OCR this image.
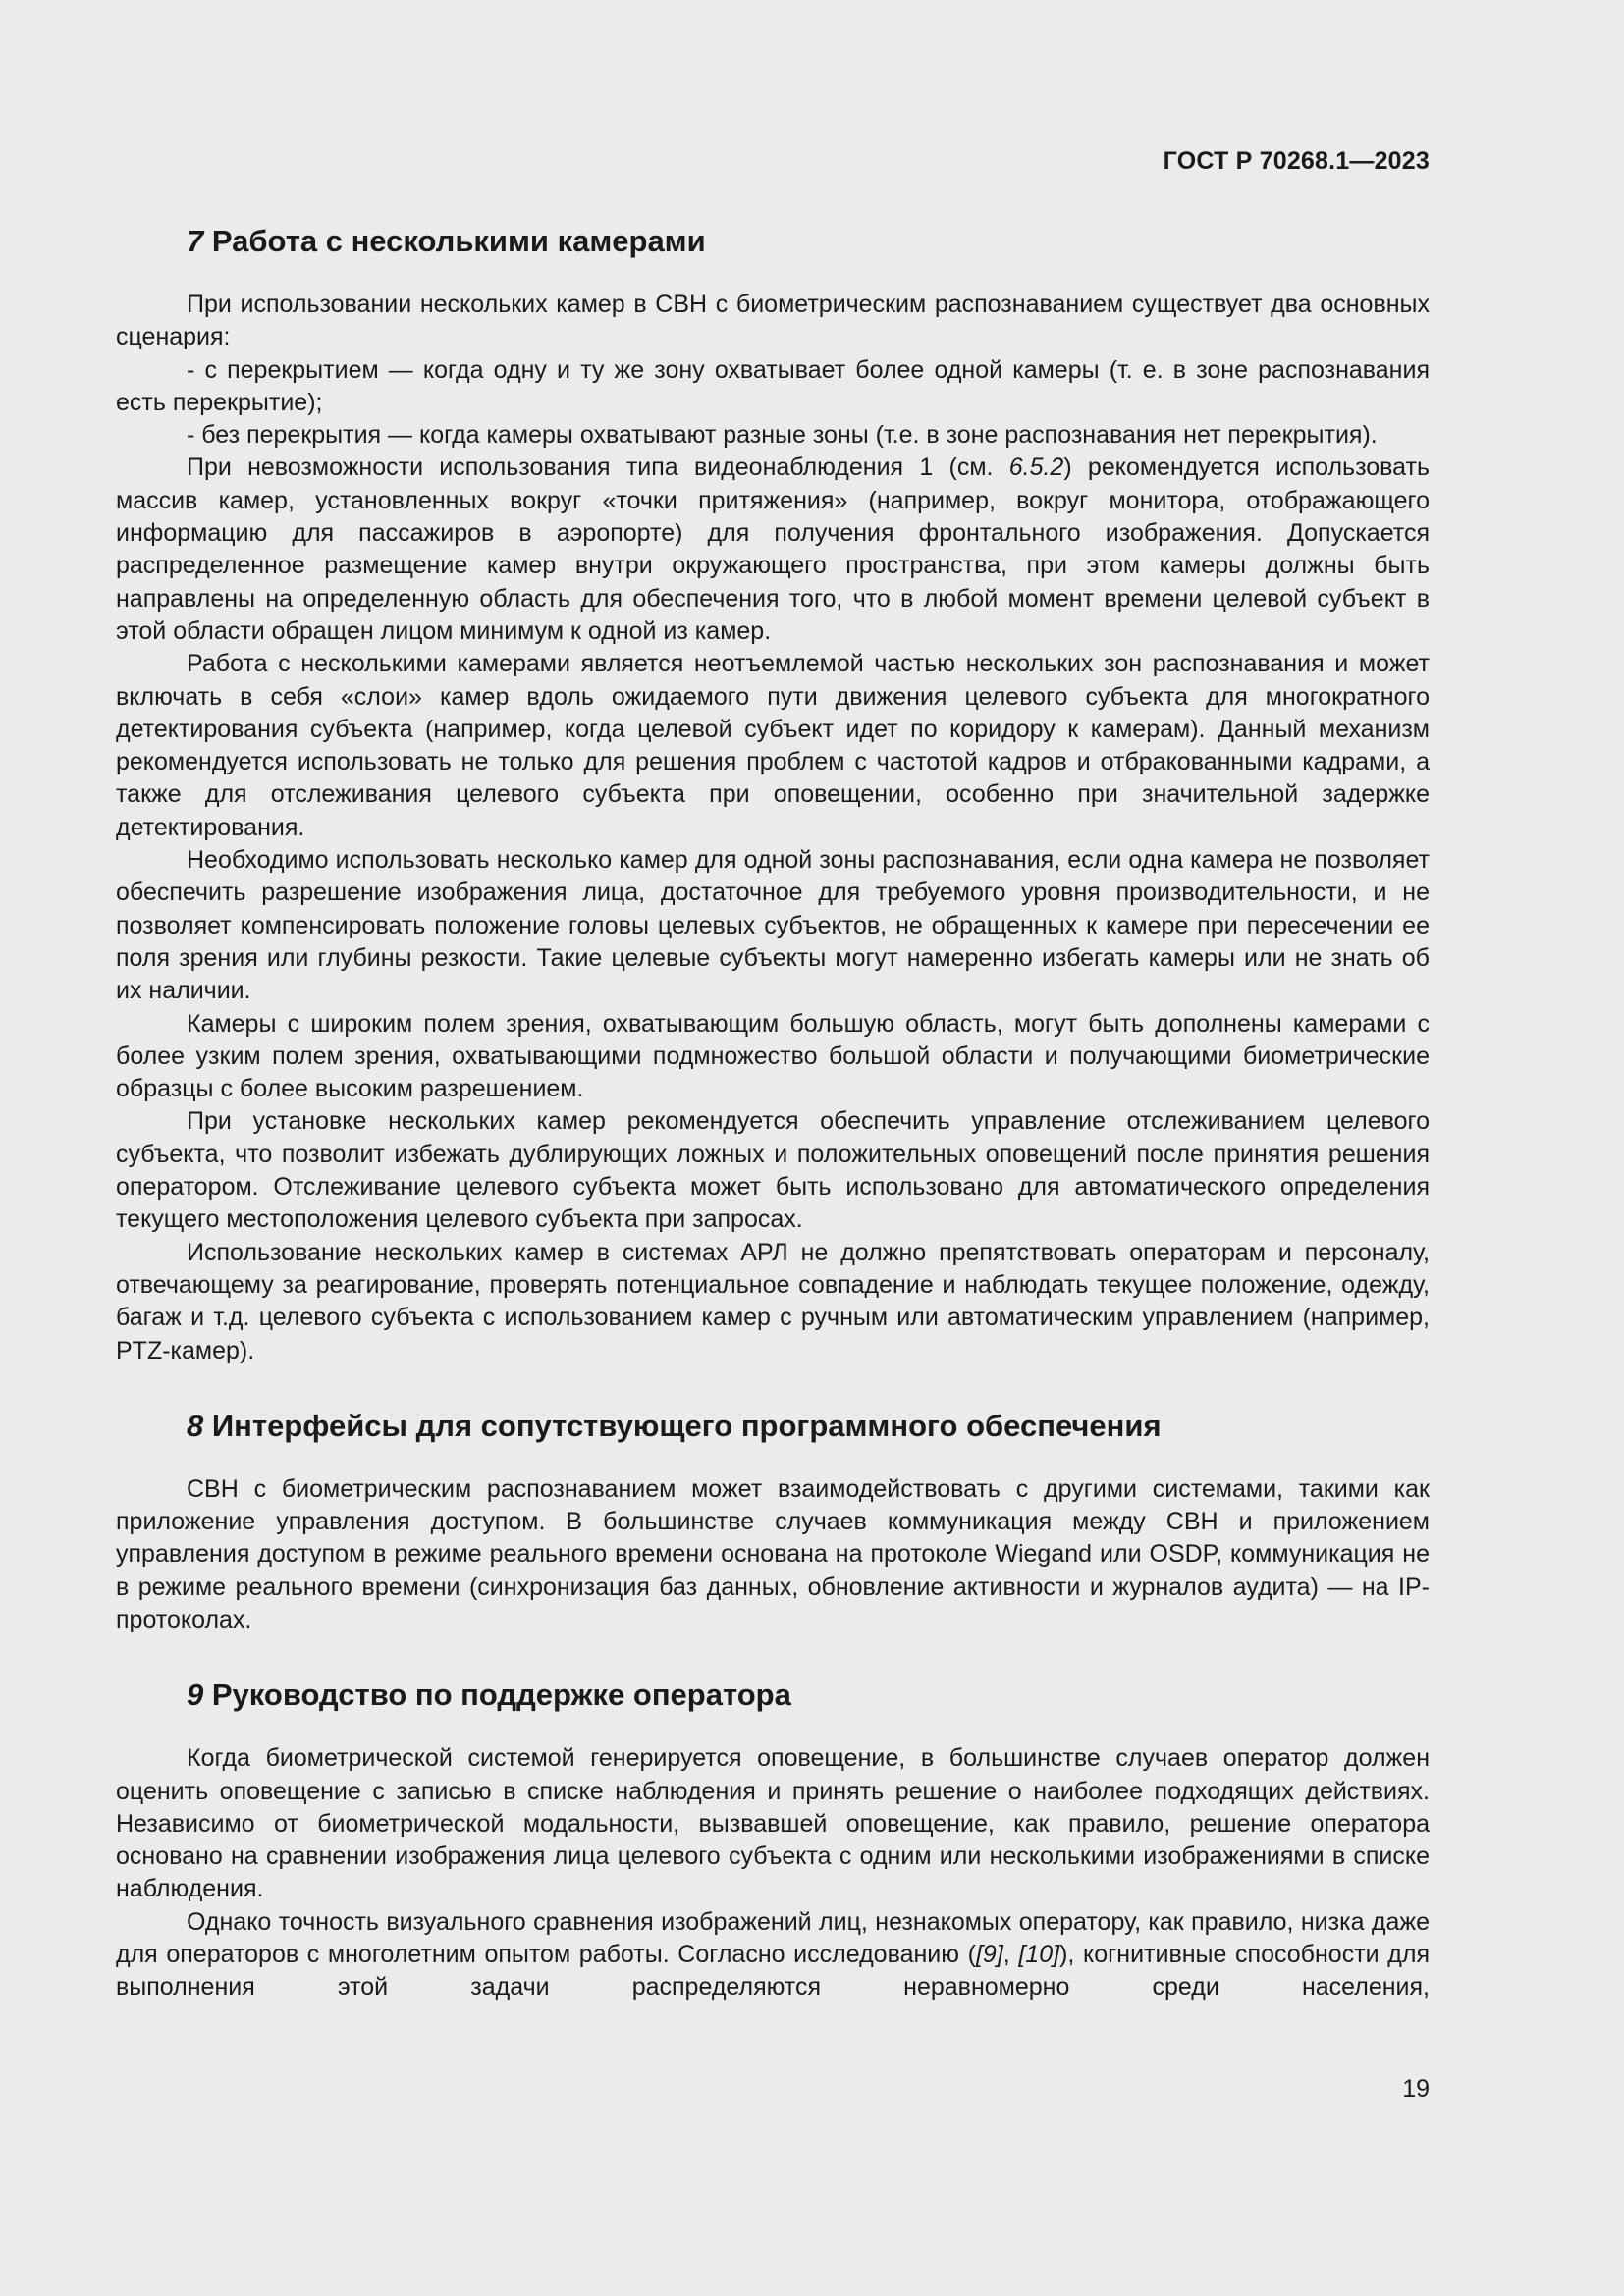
ГОСТ Р 70268.1—2023
7 Работа с несколькими камерами

При использовании нескольких камер в СВН с биометрическим распознаванием существует два основных сценария:

- с перекрытием — когда одну и ту же зону охватывает более одной камеры (т. е. в зоне распознавания есть перекрытие);

- без перекрытия — когда камеры охватывают разные зоны (т.е. в зоне распознавания нет перекрытия).

При невозможности использования типа видеонаблюдения 1 (см. 6.5.2) рекомендуется использовать массив камер, установленных вокруг «точки притяжения» (например, вокруг монитора, отображающего информацию для пассажиров в аэропорте) для получения фронтального изображения. Допускается распределенное размещение камер внутри окружающего пространства, при этом камеры должны быть направлены на определенную область для обеспечения того, что в любой момент времени целевой субъект в этой области обращен лицом минимум к одной из камер.

Работа с несколькими камерами является неотъемлемой частью нескольких зон распознавания и может включать в себя «слои» камер вдоль ожидаемого пути движения целевого субъекта для многократного детектирования субъекта (например, когда целевой субъект идет по коридору к камерам). Данный механизм рекомендуется использовать не только для решения проблем с частотой кадров и отбракованными кадрами, а также для отслеживания целевого субъекта при оповещении, особенно при значительной задержке детектирования.

Необходимо использовать несколько камер для одной зоны распознавания, если одна камера не позволяет обеспечить разрешение изображения лица, достаточное для требуемого уровня производительности, и не позволяет компенсировать положение головы целевых субъектов, не обращенных к камере при пересечении ее поля зрения или глубины резкости. Такие целевые субъекты могут намеренно избегать камеры или не знать об их наличии.

Камеры с широким полем зрения, охватывающим большую область, могут быть дополнены камерами с более узким полем зрения, охватывающими подмножество большой области и получающими биометрические образцы с более высоким разрешением.

При установке нескольких камер рекомендуется обеспечить управление отслеживанием целевого субъекта, что позволит избежать дублирующих ложных и положительных оповещений после принятия решения оператором. Отслеживание целевого субъекта может быть использовано для автоматического определения текущего местоположения целевого субъекта при запросах.

Использование нескольких камер в системах АРЛ не должно препятствовать операторам и персоналу, отвечающему за реагирование, проверять потенциальное совпадение и наблюдать текущее положение, одежду, багаж и т.д. целевого субъекта с использованием камер с ручным или автоматическим управлением (например, PTZ-камер).

8 Интерфейсы для сопутствующего программного обеспечения

СВН с биометрическим распознаванием может взаимодействовать с другими системами, такими как приложение управления доступом. В большинстве случаев коммуникация между СВН и приложением управления доступом в режиме реального времени основана на протоколе Wiegand или OSDP, коммуникация не в режиме реального времени (синхронизация баз данных, обновление активности и журналов аудита) — на IP-протоколах.

9 Руководство по поддержке оператора

Когда биометрической системой генерируется оповещение, в большинстве случаев оператор должен оценить оповещение с записью в списке наблюдения и принять решение о наиболее подходящих действиях. Независимо от биометрической модальности, вызвавшей оповещение, как правило, решение оператора основано на сравнении изображения лица целевого субъекта с одним или несколькими изображениями в списке наблюдения.

Однако точность визуального сравнения изображений лиц, незнакомых оператору, как правило, низка даже для операторов с многолетним опытом работы. Согласно исследованию ([9], [10]), когнитивные способности для выполнения этой задачи распределяются неравномерно среди населения,

19
